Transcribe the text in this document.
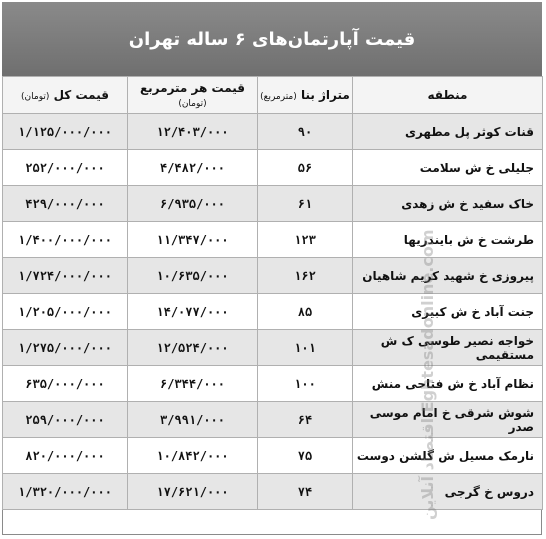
قیمت آپارتمان‌های ۶ ساله تهران
منطقه	متراژ بنا (مترمربع)	قیمت هر مترمربع (تومان)	قیمت کل (تومان)
قنات کوثر پل مطهری	۹۰	۱۲/۴۰۳/۰۰۰	۱/۱۲۵/۰۰۰/۰۰۰
جلیلی خ ش سلامت	۵۶	۴/۴۸۲/۰۰۰	۲۵۲/۰۰۰/۰۰۰
خاک سفید خ ش زهدی	۶۱	۶/۹۳۵/۰۰۰	۴۲۹/۰۰۰/۰۰۰
طرشت خ ش بایندریها	۱۲۳	۱۱/۳۴۷/۰۰۰	۱/۴۰۰/۰۰۰/۰۰۰
پیروزی خ شهید کریم شاهیان	۱۶۲	۱۰/۶۳۵/۰۰۰	۱/۷۲۴/۰۰۰/۰۰۰
جنت آباد خ ش کبیری	۸۵	۱۴/۰۷۷/۰۰۰	۱/۲۰۵/۰۰۰/۰۰۰
خواجه نصیر طوسی ک ش مستقیمی	۱۰۱	۱۲/۵۲۴/۰۰۰	۱/۲۷۵/۰۰۰/۰۰۰
نظام آباد خ ش فتاحی منش	۱۰۰	۶/۳۴۴/۰۰۰	۶۳۵/۰۰۰/۰۰۰
شوش شرقی خ امام موسی صدر	۶۴	۳/۹۹۱/۰۰۰	۲۵۹/۰۰۰/۰۰۰
نارمک مسیل ش گلشن دوست	۷۵	۱۰/۸۴۲/۰۰۰	۸۲۰/۰۰۰/۰۰۰
دروس خ گرجی	۷۴	۱۷/۶۲۱/۰۰۰	۱/۳۲۰/۰۰۰/۰۰۰	اقتصاد آنلاین Eghtesadonline.com
